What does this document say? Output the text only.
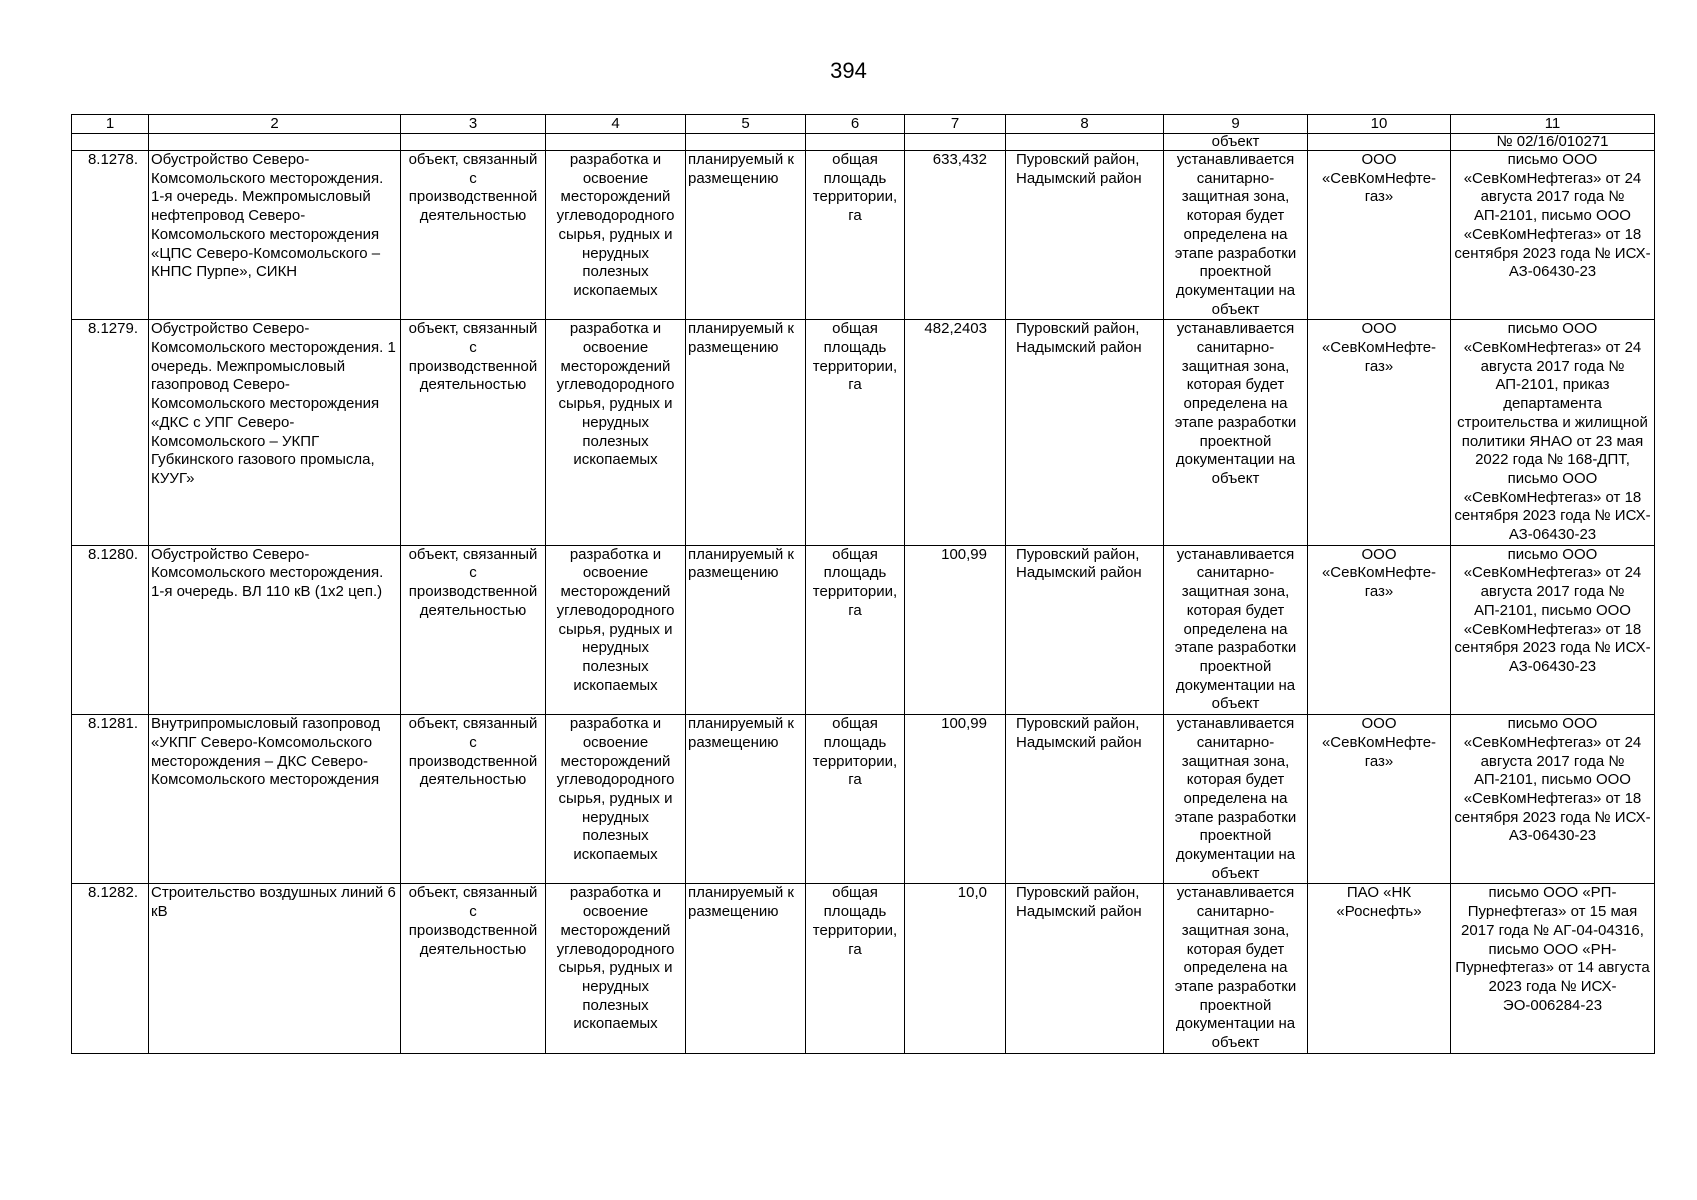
394
1	2	3	4	5	6	7	8	9	10	11
								объект		№ 02/16/010271
8.1278.	Обустройство Северо-Комсомольского месторождения. 1-я очередь. Межпромысловый нефтепровод Северо-Комсомольского месторождения «ЦПС Северо-Комсомольского – КНПС Пурпе», СИКН	объект, связанный с производственной деятельностью	разработка и освоение месторождений углеводородного сырья, рудных и нерудных полезных ископаемых	планируемый к размещению	общая площадь территории, га	633,432	Пуровский район, Надымский район	устанавливается санитарно-защитная зона, которая будет определена на этапе разработки проектной документации на объект	ООО «СевКомНефте-газ»	письмо ООО «СевКомНефтегаз» от 24 августа 2017 года № АП-2101, письмо ООО «СевКомНефтегаз» от 18 сентября 2023 года № ИСХ-АЗ-06430-23
8.1279.	Обустройство Северо-Комсомольского месторождения. 1 очередь. Межпромысловый газопровод Северо-Комсомольского месторождения «ДКС с УПГ Северо-Комсомольского – УКПГ Губкинского газового промысла, КУУГ»	объект, связанный с производственной деятельностью	разработка и освоение месторождений углеводородного сырья, рудных и нерудных полезных ископаемых	планируемый к размещению	общая площадь территории, га	482,2403	Пуровский район, Надымский район	устанавливается санитарно-защитная зона, которая будет определена на этапе разработки проектной документации на объект	ООО «СевКомНефте-газ»	письмо ООО «СевКомНефтегаз» от 24 августа 2017 года № АП-2101, приказ департамента строительства и жилищной политики ЯНАО от 23 мая 2022 года № 168-ДПТ, письмо ООО «СевКомНефтегаз» от 18 сентября 2023 года № ИСХ-АЗ-06430-23
8.1280.	Обустройство Северо-Комсомольского месторождения. 1-я очередь. ВЛ 110 кВ (1х2 цеп.)	объект, связанный с производственной деятельностью	разработка и освоение месторождений углеводородного сырья, рудных и нерудных полезных ископаемых	планируемый к размещению	общая площадь территории, га	100,99	Пуровский район, Надымский район	устанавливается санитарно-защитная зона, которая будет определена на этапе разработки проектной документации на объект	ООО «СевКомНефте-газ»	письмо ООО «СевКомНефтегаз» от 24 августа 2017 года № АП-2101, письмо ООО «СевКомНефтегаз» от 18 сентября 2023 года № ИСХ-АЗ-06430-23
8.1281.	Внутрипромысловый газопровод «УКПГ Северо-Комсомольского месторождения – ДКС Северо-Комсомольского месторождения	объект, связанный с производственной деятельностью	разработка и освоение месторождений углеводородного сырья, рудных и нерудных полезных ископаемых	планируемый к размещению	общая площадь территории, га	100,99	Пуровский район, Надымский район	устанавливается санитарно-защитная зона, которая будет определена на этапе разработки проектной документации на объект	ООО «СевКомНефте-газ»	письмо ООО «СевКомНефтегаз» от 24 августа 2017 года № АП-2101, письмо ООО «СевКомНефтегаз» от 18 сентября 2023 года № ИСХ-АЗ-06430-23
8.1282.	Строительство воздушных линий 6 кВ	объект, связанный с производственной деятельностью	разработка и освоение месторождений углеводородного сырья, рудных и нерудных полезных ископаемых	планируемый к размещению	общая площадь территории, га	10,0	Пуровский район, Надымский район	устанавливается санитарно-защитная зона, которая будет определена на этапе разработки проектной документации на объект	ПАО «НК «Роснефть»	письмо ООО «РП-Пурнефтегаз» от 15 мая 2017 года № АГ-04-04316, письмо ООО «РН-Пурнефтегаз» от 14 августа 2023 года № ИСХ-ЭО-006284-23
